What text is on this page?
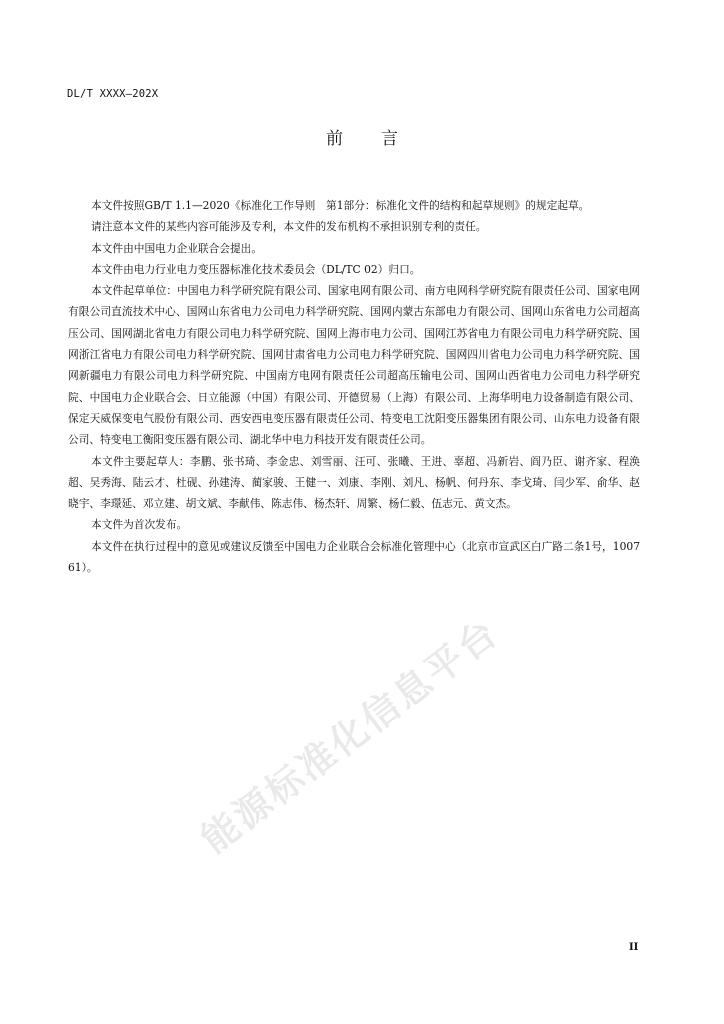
DL/T XXXX—202X
前言

本文件按照GB/T 1.1—2020《标准化工作导则　第1部分：标准化文件的结构和起草规则》的规定起草。

请注意本文件的某些内容可能涉及专利，本文件的发布机构不承担识别专利的责任。

本文件由中国电力企业联合会提出。

本文件由电力行业电力变压器标准化技术委员会（DL/TC 02）归口。

本文件起草单位：中国电力科学研究院有限公司、国家电网有限公司、南方电网科学研究院有限责任公司、国家电网有限公司直流技术中心、国网山东省电力公司电力科学研究院、国网内蒙古东部电力有限公司、国网山东省电力公司超高压公司、国网湖北省电力有限公司电力科学研究院、国网上海市电力公司、国网江苏省电力有限公司电力科学研究院、国网浙江省电力有限公司电力科学研究院、国网甘肃省电力公司电力科学研究院、国网四川省电力公司电力科学研究院、国网新疆电力有限公司电力科学研究院、中国南方电网有限责任公司超高压输电公司、国网山西省电力公司电力科学研究院、中国电力企业联合会、日立能源（中国）有限公司、开德贸易（上海）有限公司、上海华明电力设备制造有限公司、保定天威保变电气股份有限公司、西安西电变压器有限责任公司、特变电工沈阳变压器集团有限公司、山东电力设备有限公司、特变电工衡阳变压器有限公司、湖北华中电力科技开发有限责任公司。

本文件主要起草人：李鹏、张书琦、李金忠、刘雪丽、汪可、张曦、王进、辜超、冯新岩、阎乃臣、谢齐家、程涣超、吴秀海、陆云才、杜砚、孙建涛、蔺家骏、王健一、刘康、李刚、刘凡、杨帆、何丹东、李戈琦、闫少军、俞华、赵晓宇、李璟延、邓立建、胡文斌、李献伟、陈志伟、杨杰轩、周繁、杨仁毅、伍志元、黄文杰。

本文件为首次发布。

本文件在执行过程中的意见或建议反馈至中国电力企业联合会标准化管理中心（北京市宣武区白广路二条1号，100761）。

能源标准化信息平台
II
